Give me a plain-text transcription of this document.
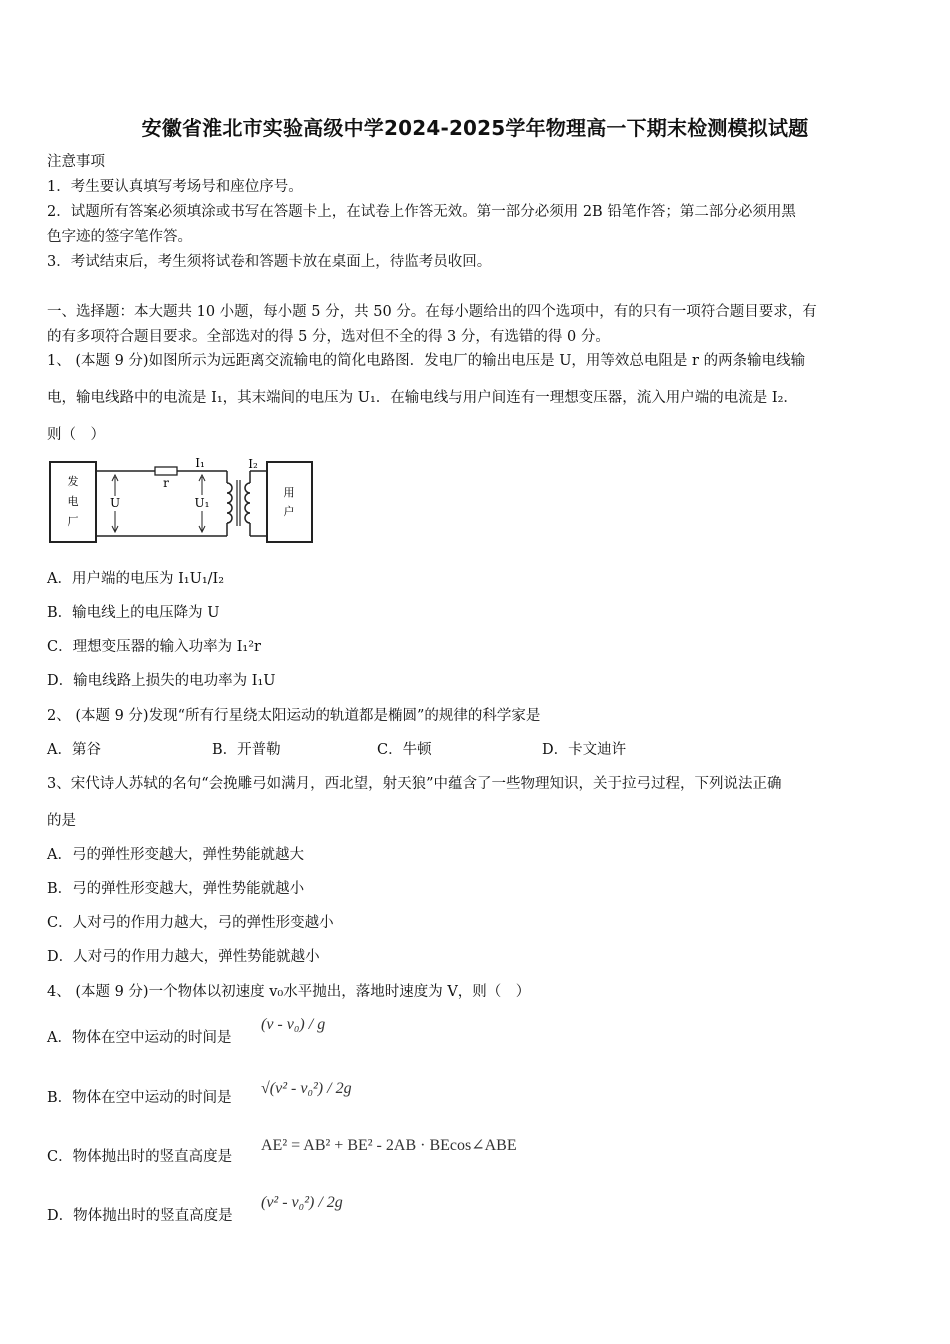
安徽省淮北市实验高级中学2024-2025学年物理高一下期末检测模拟试题
注意事项
1．考生要认真填写考场号和座位序号。
2．试题所有答案必须填涂或书写在答题卡上，在试卷上作答无效。第一部分必须用 2B 铅笔作答；第二部分必须用黑
色字迹的签字笔作答。
3．考试结束后，考生须将试卷和答题卡放在桌面上，待监考员收回。
一、选择题：本大题共 10 小题，每小题 5 分，共 50 分。在每小题给出的四个选项中，有的只有一项符合题目要求，有
的有多项符合题目要求。全部选对的得 5 分，选对但不全的得 3 分，有选错的得 0 分。
1、 (本题 9 分)如图所示为远距离交流输电的简化电路图．发电厂的输出电压是 U，用等效总电阻是 r 的两条输电线输
电，输电线路中的电流是 I₁，其末端间的电压为 U₁．在输电线与用户间连有一理想变压器，流入用户端的电流是 I₂．
则（　）
发
电
厂
r
I₁
U	U₁
I₂
用
户
A．用户端的电压为 I₁U₁/I₂
B．输电线上的电压降为 U
C．理想变压器的输入功率为 I₁²r
D．输电线路上损失的电功率为 I₁U
2、 (本题 9 分)发现“所有行星绕太阳运动的轨道都是椭圆”的规律的科学家是
A．第谷	B．开普勒	C．牛顿	D．卡文迪许
3、宋代诗人苏轼的名句“会挽雕弓如满月，西北望，射天狼”中蕴含了一些物理知识，关于拉弓过程，下列说法正确
的是
A．弓的弹性形变越大，弹性势能就越大
B．弓的弹性形变越大，弹性势能就越小
C．人对弓的作用力越大，弓的弹性形变越小
D．人对弓的作用力越大，弹性势能就越小
4、 (本题 9 分)一个物体以初速度 v₀水平抛出，落地时速度为 V，则（　）
A．物体在空中运动的时间是
(v - v₀) / g
B．物体在空中运动的时间是
√(v² - v₀²) / 2g
C．物体抛出时的竖直高度是
AE² = AB² + BE² - 2AB · BEcos∠ABE
D．物体抛出时的竖直高度是
(v² - v₀²) / 2g
